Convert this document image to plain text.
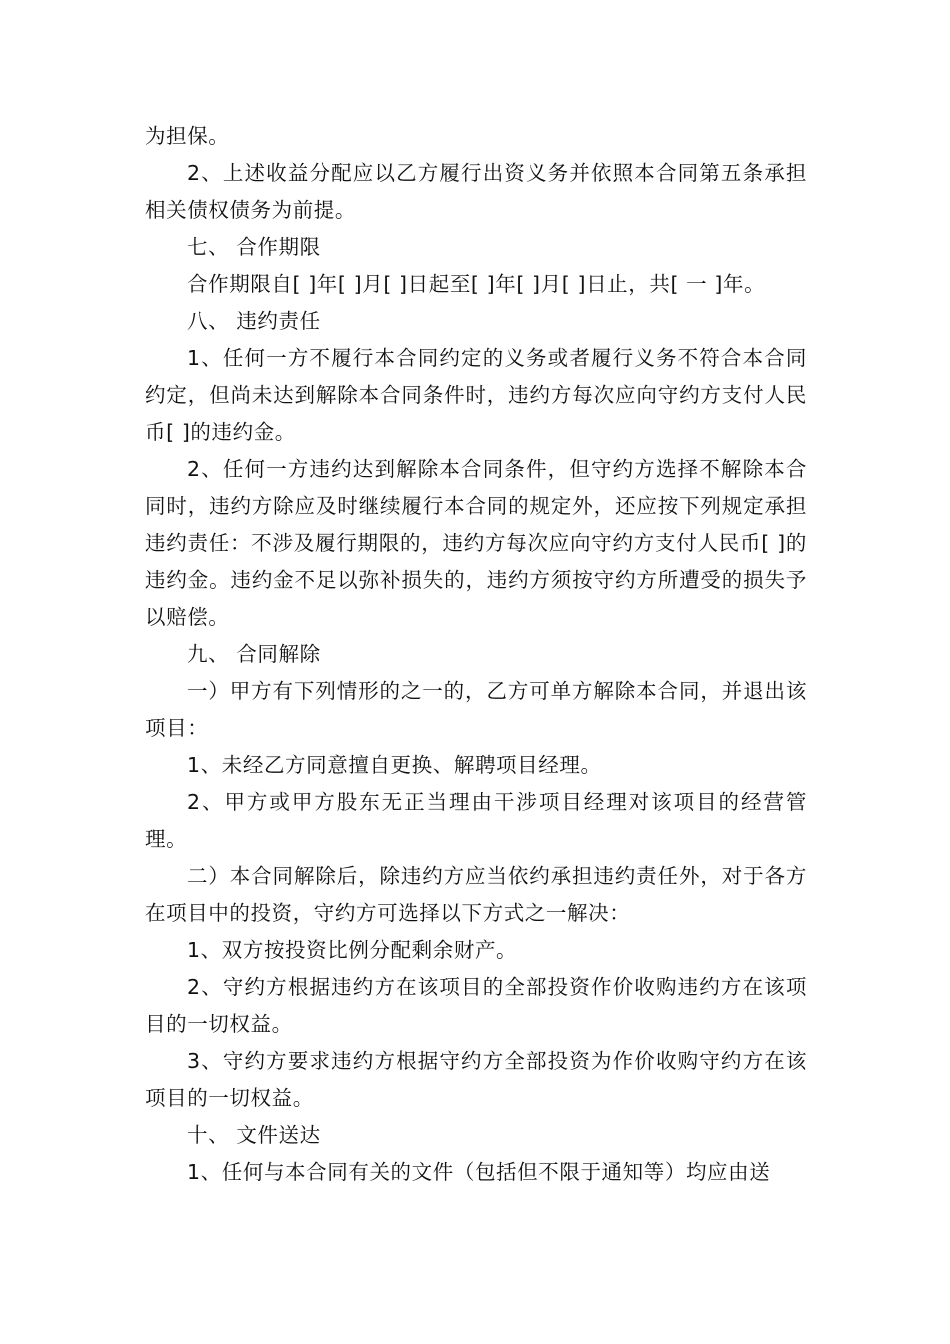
为担保。

2、上述收益分配应以乙方履行出资义务并依照本合同第五条承担相关债权债务为前提。

七、 合作期限

合作期限自[ ]年[ ]月[ ]日起至[ ]年[ ]月[ ]日止，共[ 一 ]年。

八、 违约责任

1、任何一方不履行本合同约定的义务或者履行义务不符合本合同约定，但尚未达到解除本合同条件时，违约方每次应向守约方支付人民币[ ]的违约金。

2、任何一方违约达到解除本合同条件，但守约方选择不解除本合同时，违约方除应及时继续履行本合同的规定外，还应按下列规定承担违约责任：不涉及履行期限的，违约方每次应向守约方支付人民币[ ]的违约金。违约金不足以弥补损失的，违约方须按守约方所遭受的损失予以赔偿。

九、 合同解除

一）甲方有下列情形的之一的，乙方可单方解除本合同，并退出该项目：

1、未经乙方同意擅自更换、解聘项目经理。

2、甲方或甲方股东无正当理由干涉项目经理对该项目的经营管理。

二）本合同解除后，除违约方应当依约承担违约责任外，对于各方在项目中的投资，守约方可选择以下方式之一解决：

1、双方按投资比例分配剩余财产。

2、守约方根据违约方在该项目的全部投资作价收购违约方在该项目的一切权益。

3、守约方要求违约方根据守约方全部投资为作价收购守约方在该项目的一切权益。

十、 文件送达

1、任何与本合同有关的文件（包括但不限于通知等）均应由送
